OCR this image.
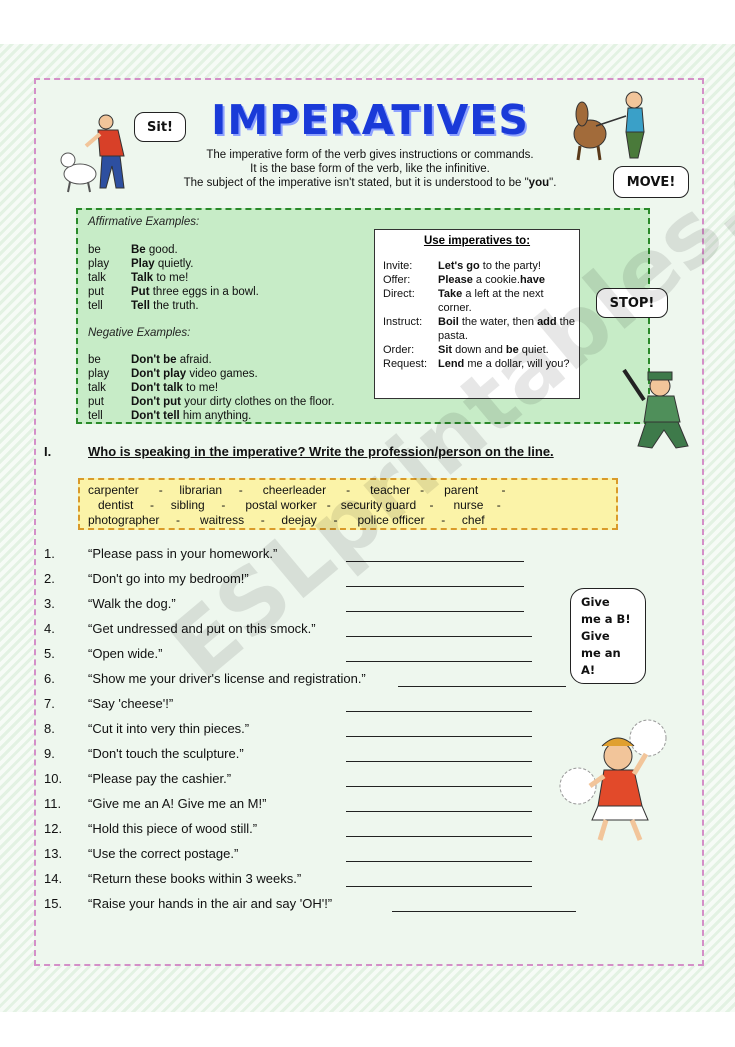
Sit! IMPERATIVES
The imperative form of the verb gives instructions or commands.
It is the base form of the verb, like the infinitive.
The subject of the imperative isn't stated, but it is understood to be "you".	MOVE!
Affirmative Examples:
be	Be good.
play Play quietly.
talk Talk to me!
put Put three eggs in a bowl.
tell Tell the truth.
Negative Examples:
be	Don't be afraid.
play Don't play video games.
talk Don't talk to me!
put Don't put your dirty clothes on the floor.
tell Don't tell him anything.
Use imperatives to:
Invite:	Let's go to the party!
Offer:	Please a cookie.have
Direct:	Take a left at the next corner.
Instruct:	Boil the water, then add the pasta.
Order:	Sit down and be quiet.
Request: Lend me a dollar, will you?
STOP!
I.	Who is speaking in the imperative? Write the profession/person on the line.
carpenter      -     librarian     -      cheerleader      -      teacher   -      parent       -
dentist     -     sibling     -      postal worker   -   security guard    -      nurse    -
photographer     -      waitress     -     deejay     -      police officer     -     chef
1.	“Please pass in your homework.”
2.	“Don't go into my bedroom!”
3.	“Walk the dog.”
4.	“Get undressed and put on this smock.”
5.	“Open wide.”
6.	“Show me your driver's license and registration.”
7.	“Say 'cheese'!”
8.	“Cut it into very thin pieces.”
9.	“Don't touch the sculpture.”
10. “Please pay the cashier.”
11. “Give me an A! Give me an M!”
12. “Hold this piece of wood still.”
13. “Use the correct postage.”
14. “Return these books within 3 weeks.”
15. “Raise your hands in the air and say 'OH'!”
Give
me a B!
Give
me an
A!
